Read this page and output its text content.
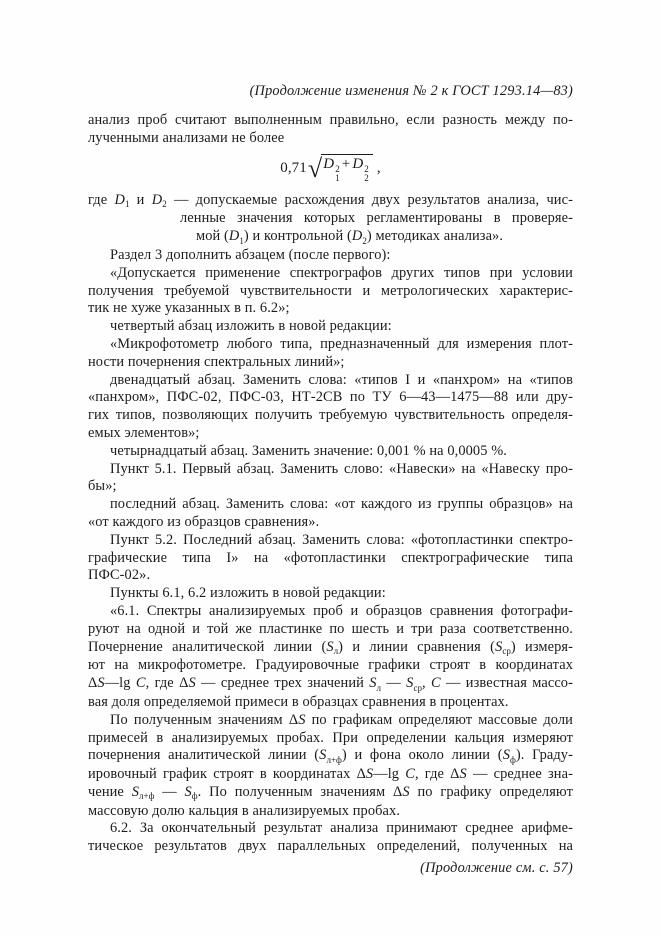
(Продолжение изменения № 2 к ГОСТ 1293.14—83)
анализ проб считают выполненным правильно, если разность между по-
лученными анализами не более
0,71 √ D 2
1
+ D 2
2
,
где $D_1$ и $D_2$ — допускаемые расхождения двух результатов анализа, чис-
ленные значения которых регламентированы в проверяе-
мой $(D_1)$ и контрольной $(D_2)$ методиках анализа».
Раздел 3 дополнить абзацем (после первого):
«Допускается применение спектрографов других типов при условии
получения требуемой чувствительности и метрологических характерис-
тик не хуже указанных в п. 6.2»;
четвертый абзац изложить в новой редакции:
«Микрофотометр любого типа, предназначенный для измерения плот-
ности почернения спектральных линий»;
двенадцатый абзац. Заменить слова: «типов I и «панхром» на «типов
«панхром», ПФС-02, ПФС-03, НТ-2СВ по ТУ 6—43—1475—88 или дру-
гих типов, позволяющих получить требуемую чувствительность определя-
емых элементов»;
четырнадцатый абзац. Заменить значение: 0,001 % на 0,0005 %.
Пункт 5.1. Первый абзац. Заменить слово: «Навески» на «Навеску про-
бы»;
последний абзац. Заменить слова: «от каждого из группы образцов» на
«от каждого из образцов сравнения».
Пункт 5.2. Последний абзац. Заменить слова: «фотопластинки спектро-
графические типа I» на «фотопластинки спектрографические типа
ПФС-02».
Пункты 6.1, 6.2 изложить в новой редакции:
«6.1. Спектры анализируемых проб и образцов сравнения фотографи-
руют на одной и той же пластинке по шесть и три раза соответственно.
Почернение аналитической линии $(S_л)$ и линии сравнения $(S_{ср})$ измеря-
ют на микрофотометре. Градуировочные графики строят в координатах
ΔS—lg C, где ΔS — среднее трех значений $S_л$ — $S_{ср}$, C — известная массо-
вая доля определяемой примеси в образцах сравнения в процентах.
По полученным значениям ΔS по графикам определяют массовые доли
примесей в анализируемых пробах. При определении кальция измеряют
почернения аналитической линии $(S_{л+ф})$ и фона около линии $(S_ф)$. Граду-
ировочный график строят в координатах ΔS—lg C, где ΔS — среднее зна-
чение $S_{л+ф}$ — $S_ф$. По полученным значениям ΔS по графику определяют
массовую долю кальция в анализируемых пробах.
6.2. За окончательный результат анализа принимают среднее арифме-
тическое результатов двух параллельных определений, полученных на
(Продолжение см. с. 57)
